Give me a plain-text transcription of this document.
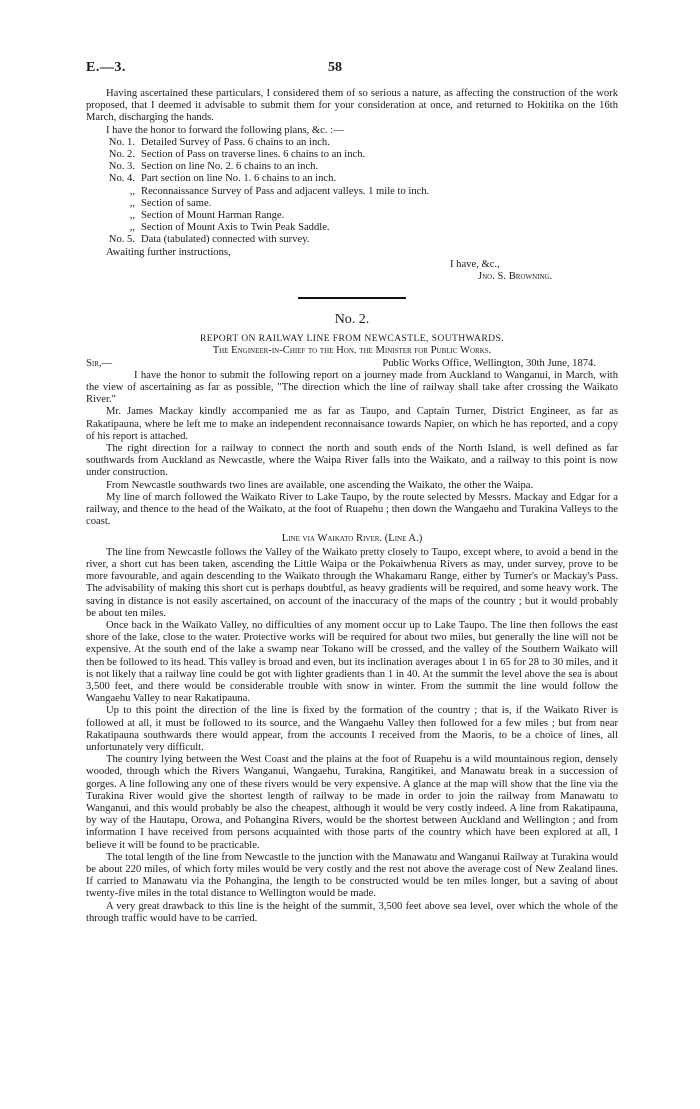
E.—3.	58

Having ascertained these particulars, I considered them of so serious a nature, as affecting the construction of the work proposed, that I deemed it advisable to submit them for your consideration at once, and returned to Hokitika on the 16th March, discharging the hands.

I have the honor to forward the following plans, &c. :—

No. 1. Detailed Survey of Pass. 6 chains to an inch.
No. 2. Section of Pass on traverse lines. 6 chains to an inch.
No. 3. Section on line No. 2. 6 chains to an inch.
No. 4. Part section on line No. 1. 6 chains to an inch.
,, Reconnaissance Survey of Pass and adjacent valleys. 1 mile to inch.
,, Section of same.
,, Section of Mount Harman Range.
,, Section of Mount Axis to Twin Peak Saddle.
No. 5. Data (tabulated) connected with survey.

Awaiting further instructions,

I have, &c.,

Jno. S. Browning.

No. 2.
REPORT ON RAILWAY LINE FROM NEWCASTLE, SOUTHWARDS.
The Engineer-in-Chief to the Hon. the Minister for Public Works.
Sir,—	Public Works Office, Wellington, 30th June, 1874.

I have the honor to submit the following report on a journey made from Auckland to Wanganui, in March, with the view of ascertaining as far as possible, "The direction which the line of railway shall take after crossing the Waikato River."

Mr. James Mackay kindly accompanied me as far as Taupo, and Captain Turner, District Engineer, as far as Rakatipauna, where he left me to make an independent reconnaisance towards Napier, on which he has reported, and a copy of his report is attached.

The right direction for a railway to connect the north and south ends of the North Island, is well defined as far southwards from Auckland as Newcastle, where the Waipa River falls into the Waikato, and a railway to this point is now under construction.

From Newcastle southwards two lines are available, one ascending the Waikato, the other the Waipa.

My line of march followed the Waikato River to Lake Taupo, by the route selected by Messrs. Mackay and Edgar for a railway, and thence to the head of the Waikato, at the foot of Ruapehu ; then down the Wangaehu and Turakina Valleys to the coast.

Line via Waikato River. (Line A.)

The line from Newcastle follows the Valley of the Waikato pretty closely to Taupo, except where, to avoid a bend in the river, a short cut has been taken, ascending the Little Waipa or the Pokaiwhenua Rivers as may, under survey, prove to be more favourable, and again descending to the Waikato through the Whakamaru Range, either by Turner's or Mackay's Pass. The advisability of making this short cut is perhaps doubtful, as heavy gradients will be required, and some heavy work. The saving in distance is not easily ascertained, on account of the inaccuracy of the maps of the country ; but it would probably be about ten miles.

Once back in the Waikato Valley, no difficulties of any moment occur up to Lake Taupo. The line then follows the east shore of the lake, close to the water. Protective works will be required for about two miles, but generally the line will not be expensive. At the south end of the lake a swamp near Tokano will be crossed, and the valley of the Southern Waikato will then be followed to its head. This valley is broad and even, but its inclination averages about 1 in 65 for 28 to 30 miles, and it is not likely that a railway line could be got with lighter gradients than 1 in 40. At the summit the level above the sea is about 3,500 feet, and there would be considerable trouble with snow in winter. From the summit the line would follow the Wangaehu Valley to near Rakatipauna.

Up to this point the direction of the line is fixed by the formation of the country ; that is, if the Waikato River is followed at all, it must be followed to its source, and the Wangaehu Valley then followed for a few miles ; but from near Rakatipauna southwards there would appear, from the accounts I received from the Maoris, to be a choice of lines, all unfortunately very difficult.

The country lying between the West Coast and the plains at the foot of Ruapehu is a wild mountainous region, densely wooded, through which the Rivers Wanganui, Wangaehu, Turakina, Rangitikei, and Manawatu break in a succession of gorges. A line following any one of these rivers would be very expensive. A glance at the map will show that the line via the Turakina River would give the shortest length of railway to be made in order to join the railway from Manawatu to Wanganui, and this would probably be also the cheapest, although it would be very costly indeed. A line from Rakatipauna, by way of the Hautapu, Orowa, and Pohangina Rivers, would be the shortest between Auckland and Wellington ; and from information I have received from persons acquainted with those parts of the country which have been explored at all, I believe it will be found to be practicable.

The total length of the line from Newcastle to the junction with the Manawatu and Wanganui Railway at Turakina would be about 220 miles, of which forty miles would be very costly and the rest not above the average cost of New Zealand lines. If carried to Manawatu via the Pohangina, the length to be constructed would be ten miles longer, but a saving of about twenty-five miles in the total distance to Wellington would be made.

A very great drawback to this line is the height of the summit, 3,500 feet above sea level, over which the whole of the through traffic would have to be carried.
